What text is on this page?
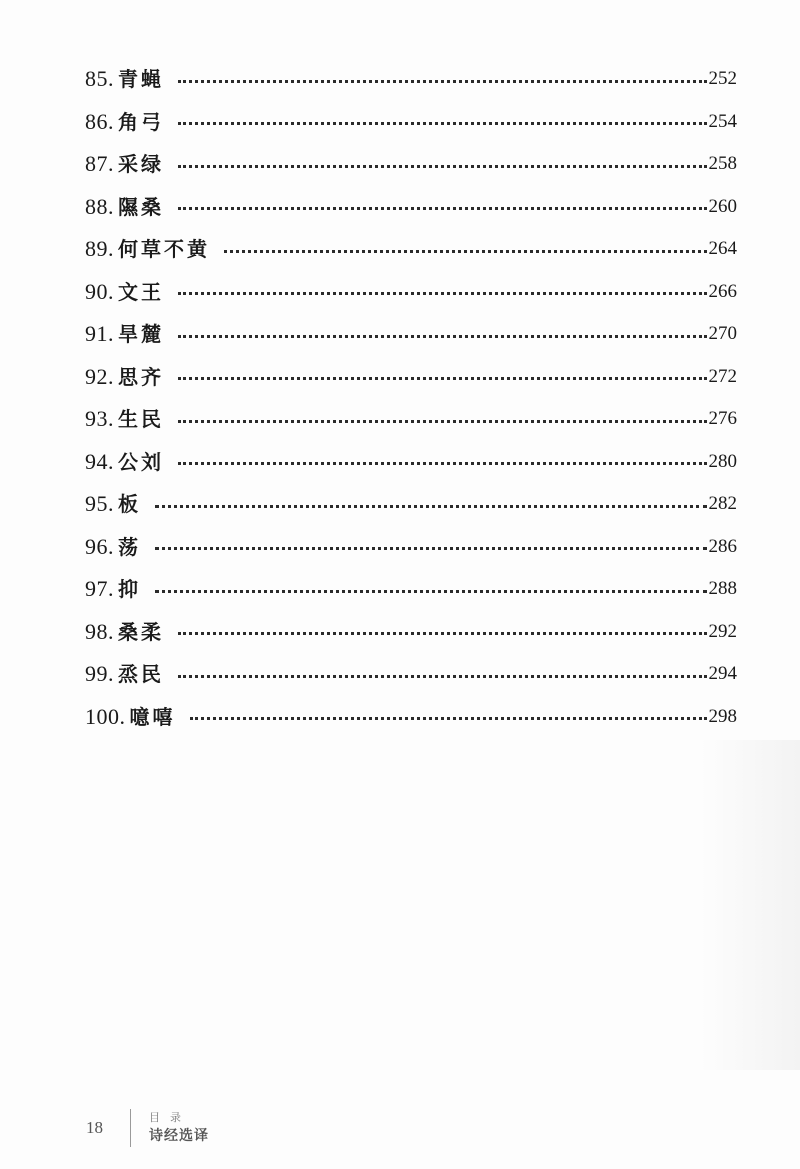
85. 青蝇	252
86. 角弓	254
87. 采绿	258
88. 隰桑	260
89. 何草不黄	264
90. 文王	266
91. 旱麓	270
92. 思齐	272
93. 生民	276
94. 公刘	280
95. 板	282
96. 荡	286
97. 抑	288
98. 桑柔	292
99. 烝民	294
100. 噫嘻	298
18
目录
诗经选译
